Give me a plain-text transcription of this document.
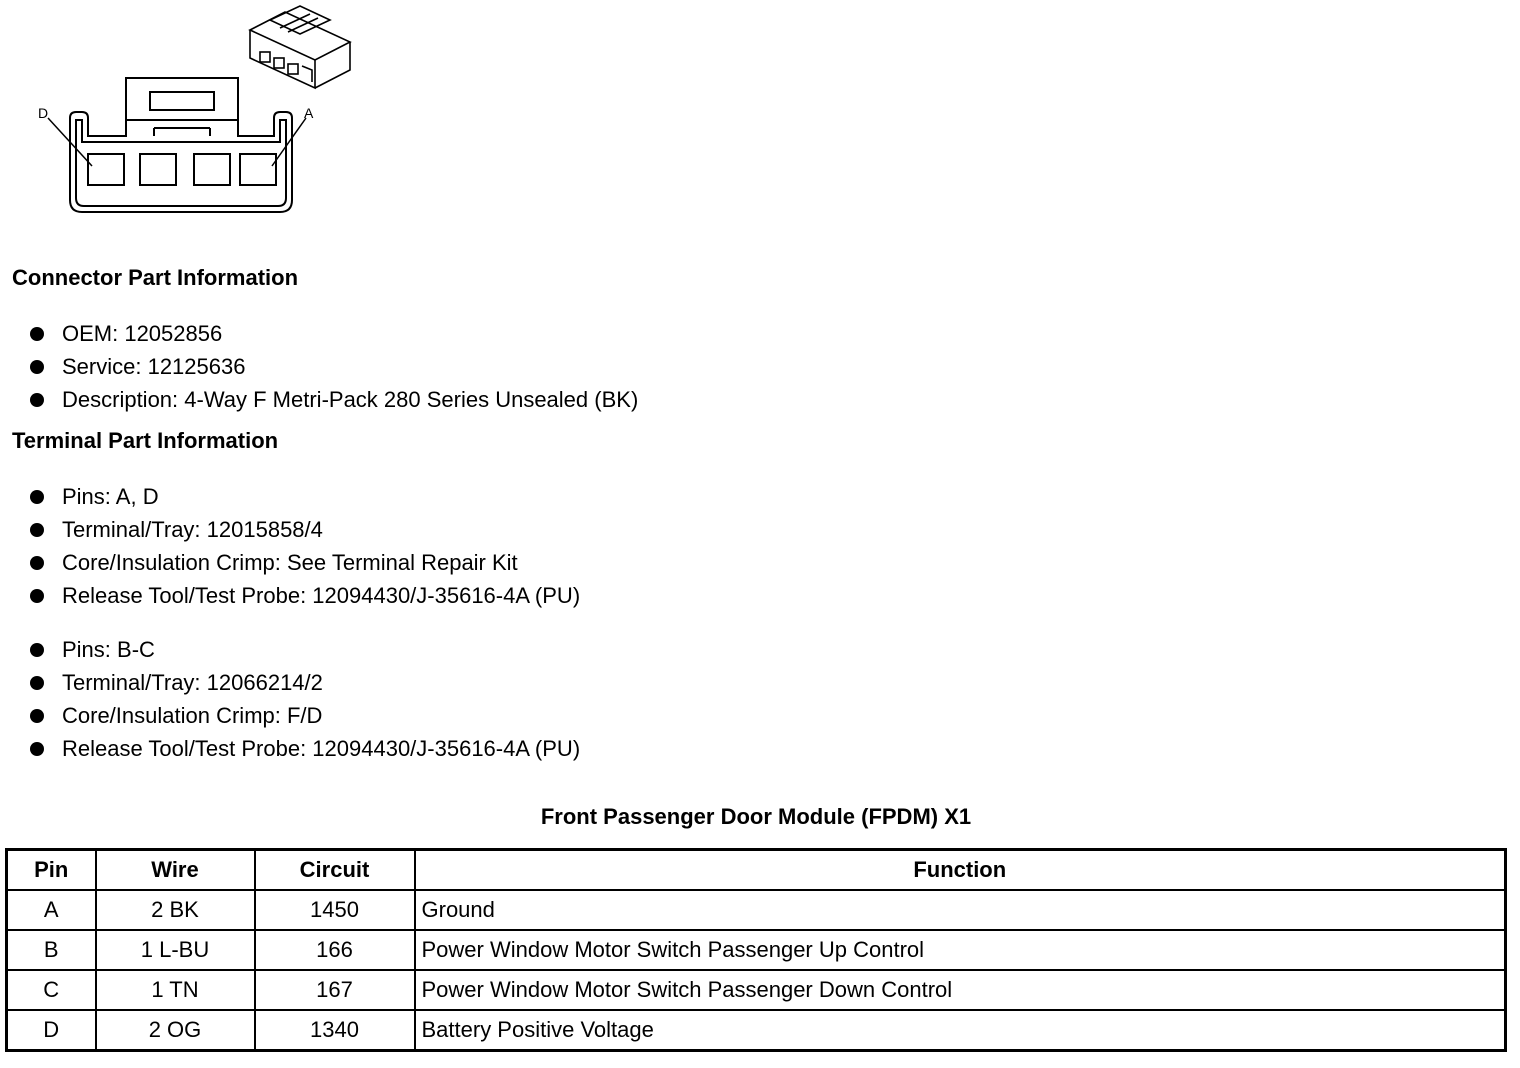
D	A
Connector Part Information
OEM: 12052856
Service: 12125636
Description: 4-Way F Metri-Pack 280 Series Unsealed (BK)
Terminal Part Information
Pins: A, D
Terminal/Tray: 12015858/4
Core/Insulation Crimp: See Terminal Repair Kit
Release Tool/Test Probe: 12094430/J-35616-4A (PU)
Pins: B-C
Terminal/Tray: 12066214/2
Core/Insulation Crimp: F/D
Release Tool/Test Probe: 12094430/J-35616-4A (PU)
Front Passenger Door Module (FPDM) X1
Pin	Wire	Circuit	Function
A	2 BK	1450	Ground
B	1 L-BU	166	Power Window Motor Switch Passenger Up Control
C	1 TN	167	Power Window Motor Switch Passenger Down Control
D	2 OG	1340	Battery Positive Voltage
